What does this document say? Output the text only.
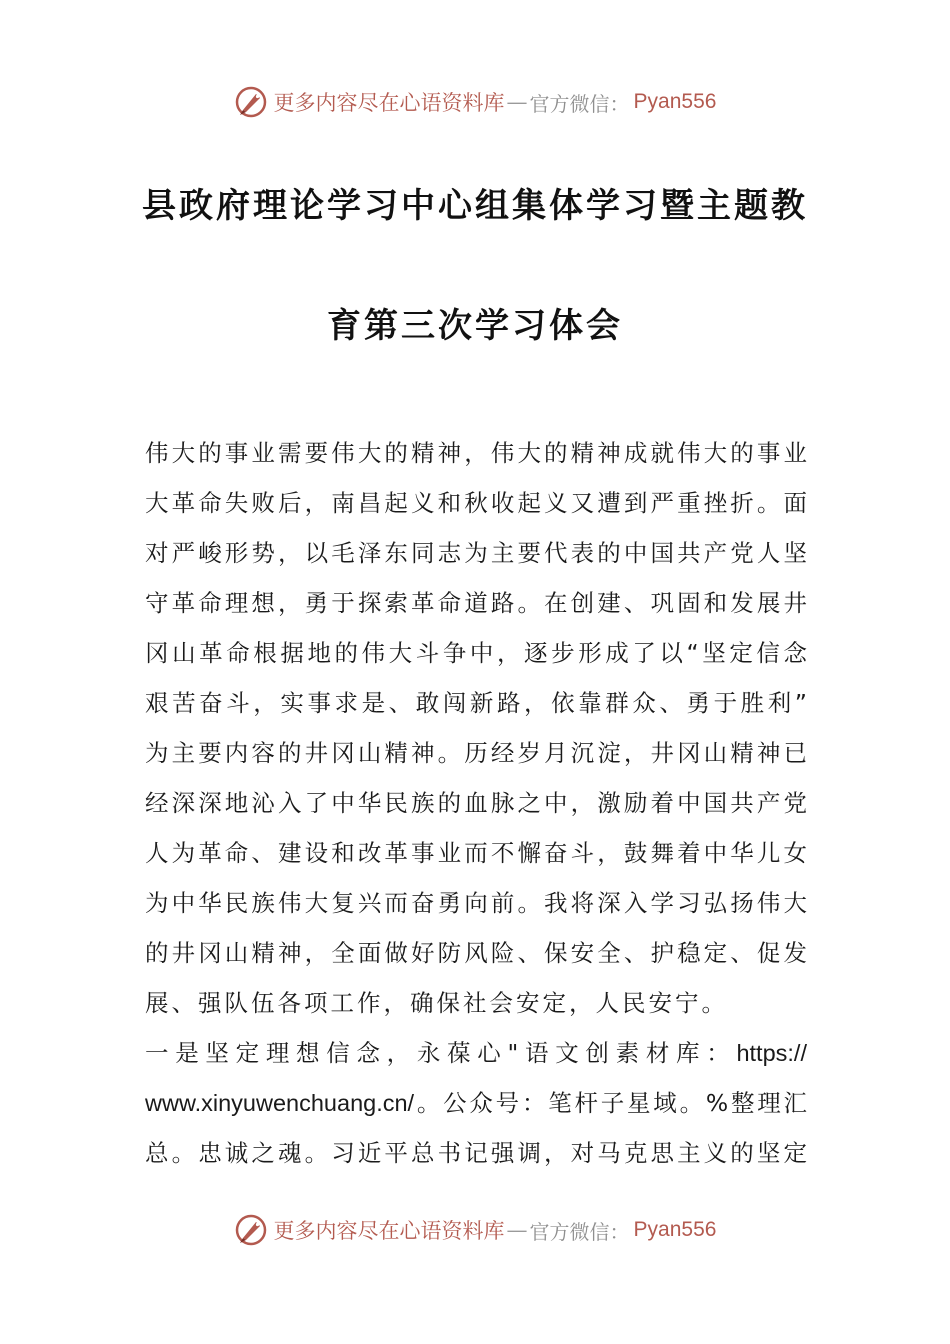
更多内容尽在心语资料库 — 官方微信： Pyan556
县政府理论学习中心组集体学习暨主题教
育第三次学习体会
伟大的事业需要伟大的精神，伟大的精神成就伟大的事业
大革命失败后，南昌起义和秋收起义又遭到严重挫折。面
对严峻形势，以毛泽东同志为主要代表的中国共产党人坚
守革命理想，勇于探索革命道路。在创建、巩固和发展井
冈山革命根据地的伟大斗争中，逐步形成了以“坚定信念
艰苦奋斗，实事求是、敢闯新路，依靠群众、勇于胜利”
为主要内容的井冈山精神。历经岁月沉淀，井冈山精神已
经深深地沁入了中华民族的血脉之中，激励着中国共产党
人为革命、建设和改革事业而不懈奋斗，鼓舞着中华儿女
为中华民族伟大复兴而奋勇向前。我将深入学习弘扬伟大
的井冈山精神，全面做好防风险、保安全、护稳定、促发
展、强队伍各项工作，确保社会安定，人民安宁。
一是坚定理想信念，永葆心"语文创素材库：https://
www.xinyuwenchuang.cn/。公众号：笔杆子星域。%整理汇
总。忠诚之魂。习近平总书记强调，对马克思主义的坚定
更多内容尽在心语资料库 — 官方微信： Pyan556
